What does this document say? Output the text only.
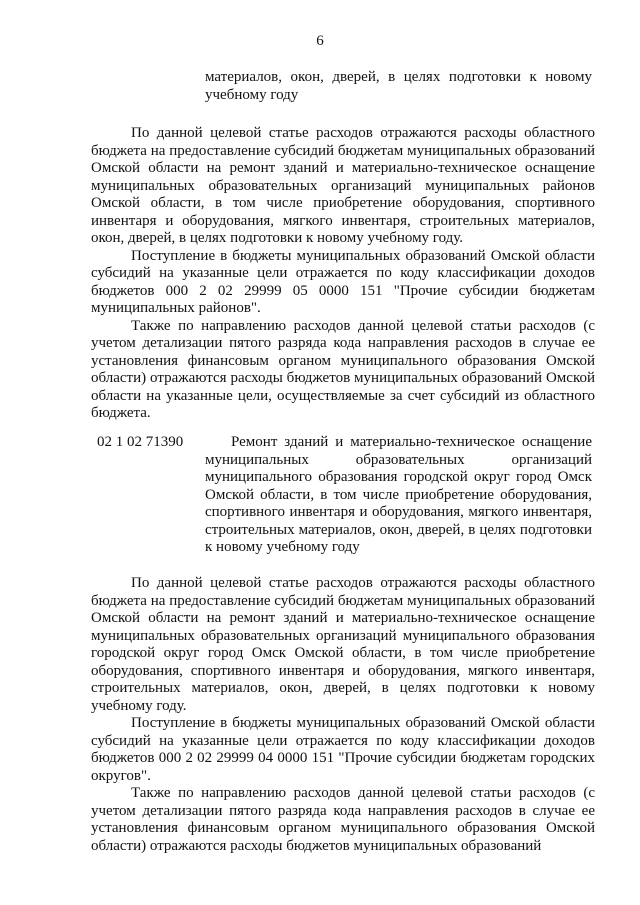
6
материалов, окон, дверей, в целях подготовки к новому учебному году

По данной целевой статье расходов отражаются расходы областного бюджета на предоставление субсидий бюджетам муниципальных образований Омской области на ремонт зданий и материально-техническое оснащение муниципальных образовательных организаций муниципальных районов Омской области, в том числе приобретение оборудования, спортивного инвентаря и оборудования, мягкого инвентаря, строительных материалов, окон, дверей, в целях подготовки к новому учебному году.

Поступление в бюджеты муниципальных образований Омской области субсидий на указанные цели отражается по коду классификации доходов бюджетов 000 2 02 29999 05 0000 151 "Прочие субсидии бюджетам муниципальных районов".

Также по направлению расходов данной целевой статьи расходов (с учетом детализации пятого разряда кода направления расходов в случае ее установления финансовым органом муниципального образования Омской области) отражаются расходы бюджетов муниципальных образований Омской области на указанные цели, осуществляемые за счет субсидий из областного бюджета.

02 1 02 71390	Ремонт зданий и материально-техническое оснащение муниципальных образовательных организаций муниципального образования городской округ город Омск Омской области, в том числе приобретение оборудования, спортивного инвентаря и оборудования, мягкого инвентаря, строительных материалов, окон, дверей, в целях подготовки к новому учебному году

По данной целевой статье расходов отражаются расходы областного бюджета на предоставление субсидий бюджетам муниципальных образований Омской области на ремонт зданий и материально-техническое оснащение муниципальных образовательных организаций муниципального образования городской округ город Омск Омской области, в том числе приобретение оборудования, спортивного инвентаря и оборудования, мягкого инвентаря, строительных материалов, окон, дверей, в целях подготовки к новому учебному году.

Поступление в бюджеты муниципальных образований Омской области субсидий на указанные цели отражается по коду классификации доходов бюджетов 000 2 02 29999 04 0000 151 "Прочие субсидии бюджетам городских округов".

Также по направлению расходов данной целевой статьи расходов (с учетом детализации пятого разряда кода направления расходов в случае ее установления финансовым органом муниципального образования Омской области) отражаются расходы бюджетов муниципальных образований
